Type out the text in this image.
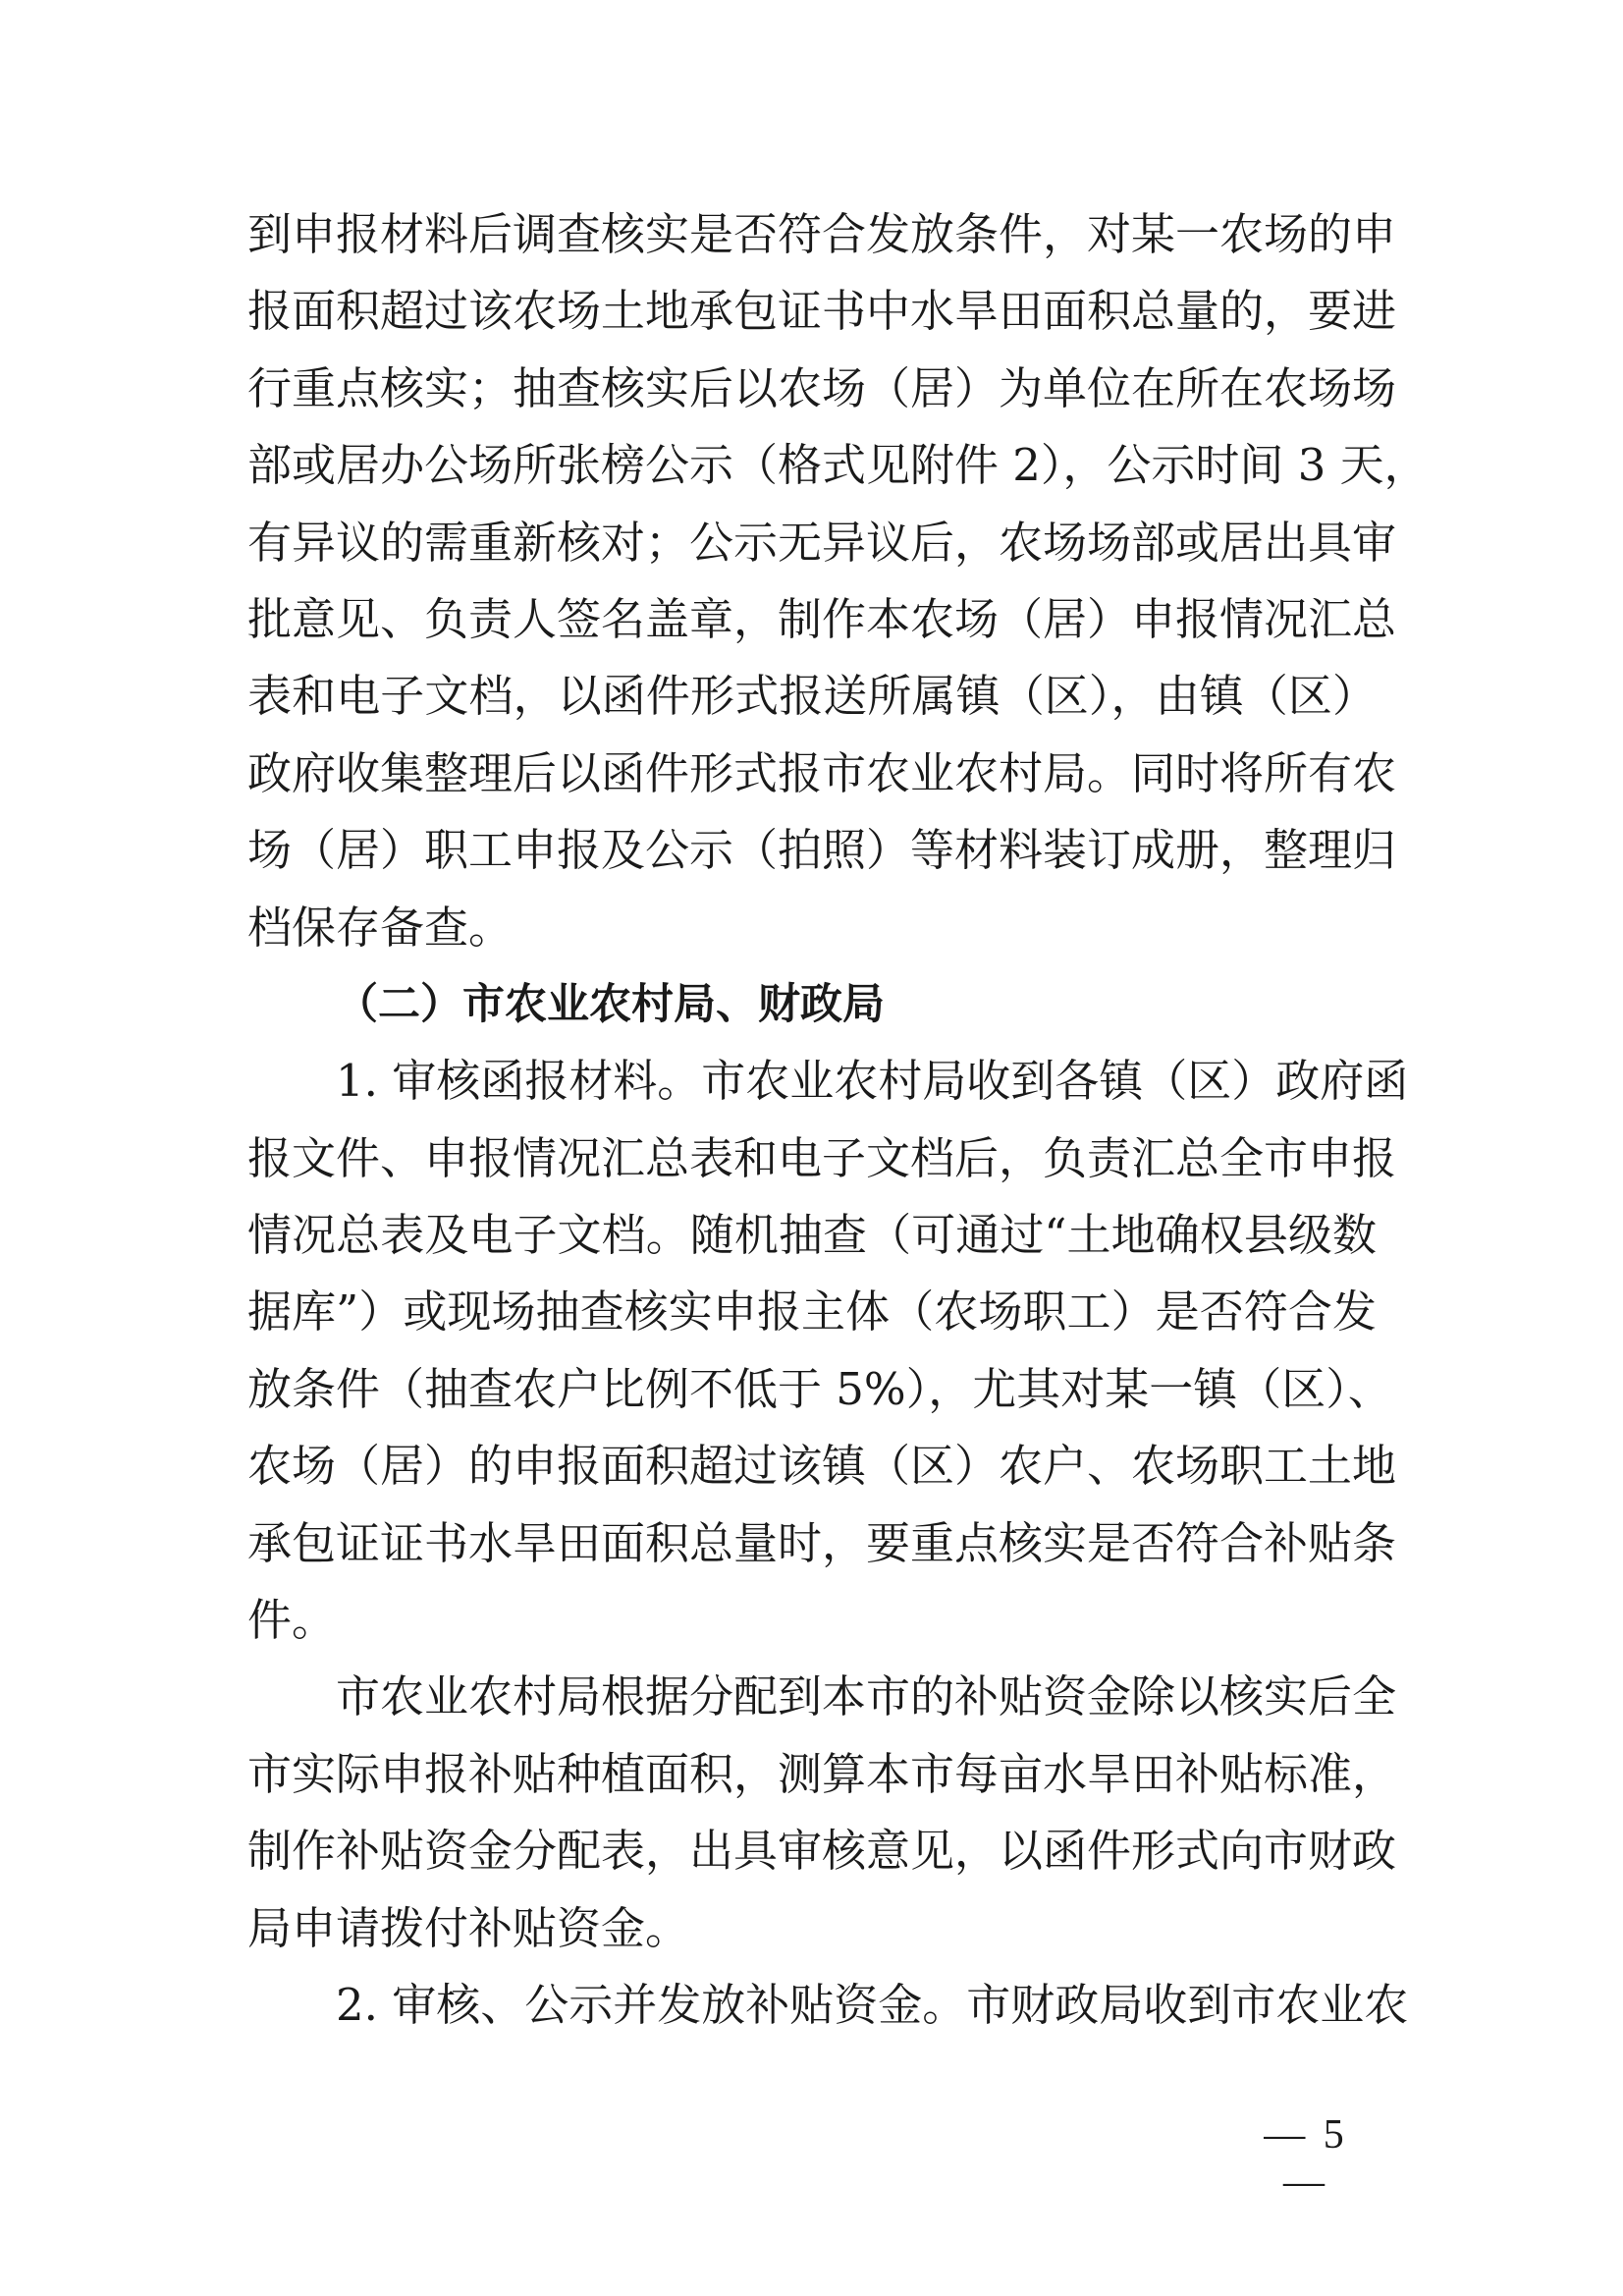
到申报材料后调查核实是否符合发放条件，对某一农场的申
报面积超过该农场土地承包证书中水旱田面积总量的，要进
行重点核实；抽查核实后以农场（居）为单位在所在农场场
部或居办公场所张榜公示（格式见附件 2），公示时间 3 天，
有异议的需重新核对；公示无异议后，农场场部或居出具审
批意见、负责人签名盖章，制作本农场（居）申报情况汇总
表和电子文档，以函件形式报送所属镇（区），由镇（区）
政府收集整理后以函件形式报市农业农村局。同时将所有农
场（居）职工申报及公示（拍照）等材料装订成册，整理归
档保存备查。
（二）市农业农村局、财政局
1. 审核函报材料。市农业农村局收到各镇（区）政府函
报文件、申报情况汇总表和电子文档后，负责汇总全市申报
情况总表及电子文档。随机抽查（可通过“土地确权县级数
据库”）或现场抽查核实申报主体（农场职工）是否符合发
放条件（抽查农户比例不低于 5%），尤其对某一镇（区）、
农场（居）的申报面积超过该镇（区）农户、农场职工土地
承包证证书水旱田面积总量时，要重点核实是否符合补贴条
件。
市农业农村局根据分配到本市的补贴资金除以核实后全
市实际申报补贴种植面积，测算本市每亩水旱田补贴标准，
制作补贴资金分配表，出具审核意见，以函件形式向市财政
局申请拨付补贴资金。
2. 审核、公示并发放补贴资金。市财政局收到市农业农
— 5 —
